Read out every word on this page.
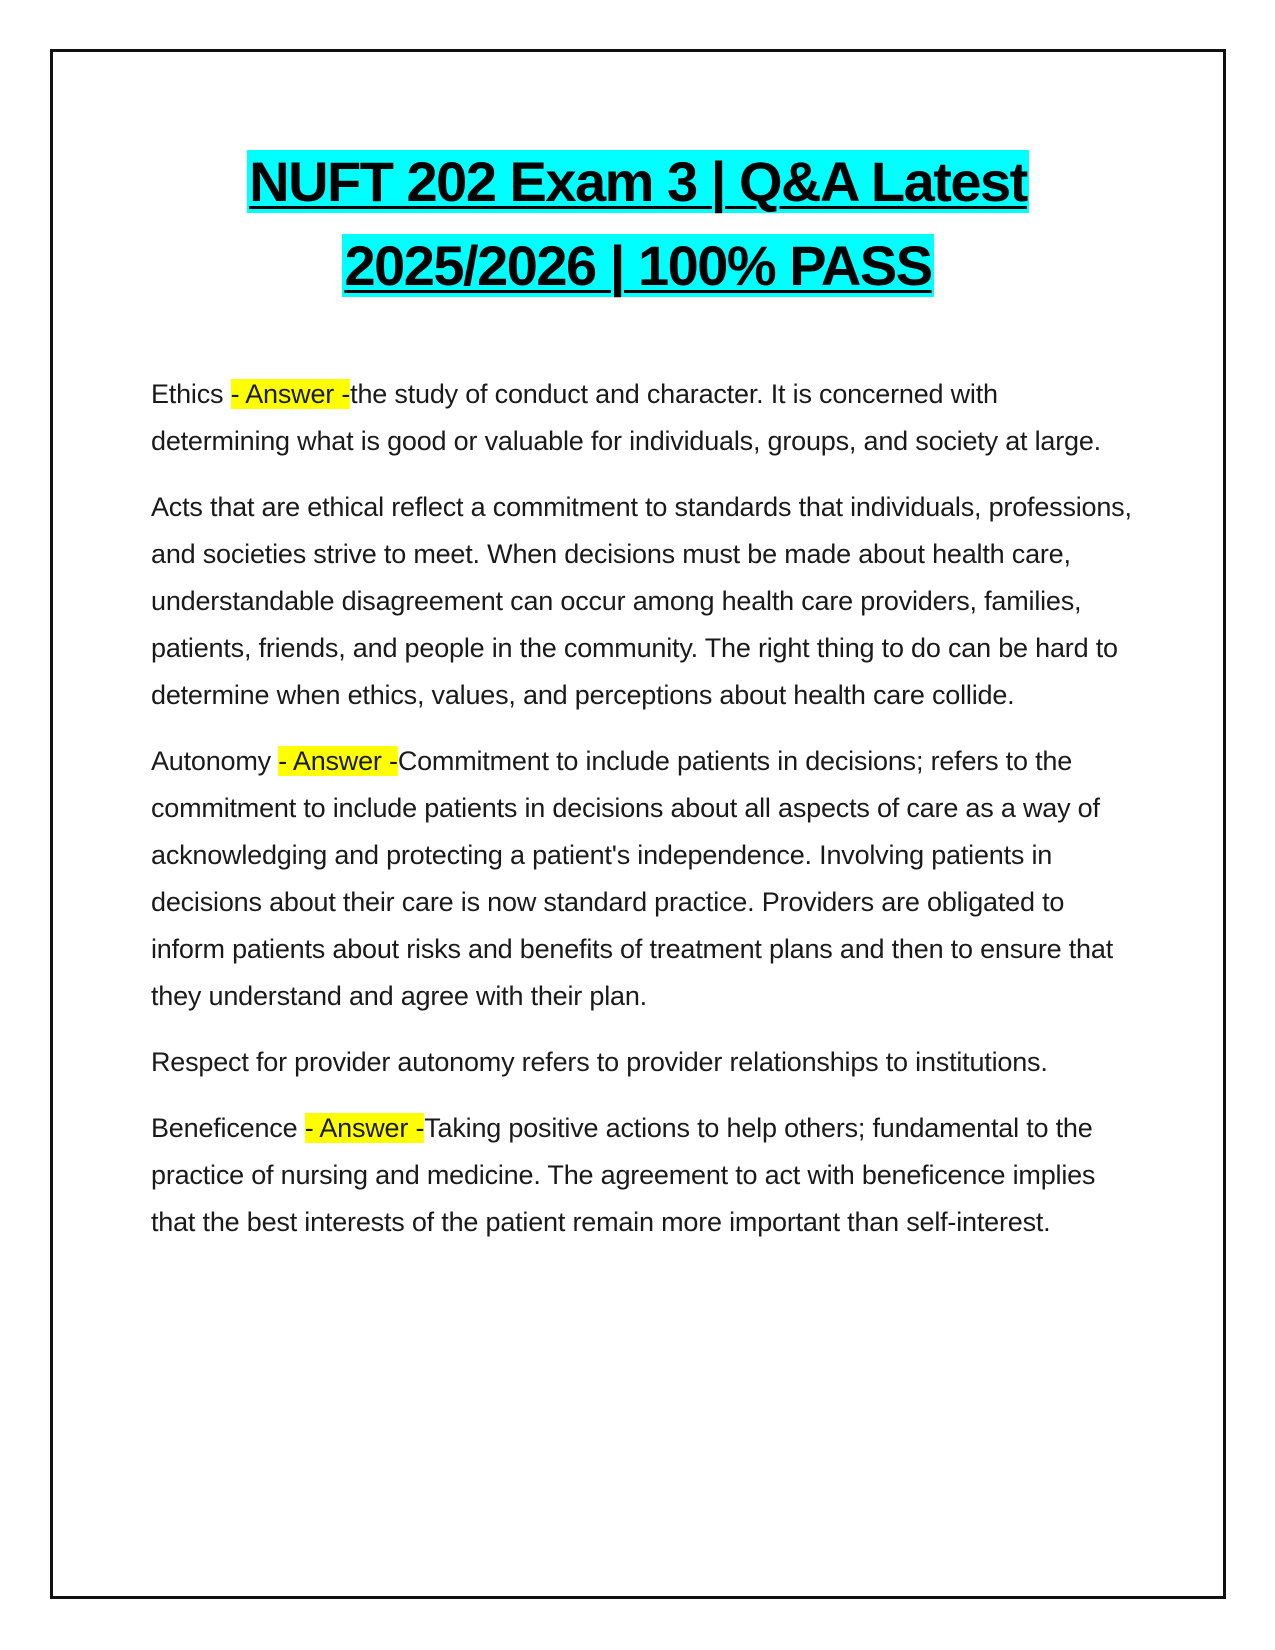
NUFT 202 Exam 3 | Q&A Latest
2025/2026 | 100% PASS

Ethics - Answer -the study of conduct and character. It is concerned with determining what is good or valuable for individuals, groups, and society at large.

Acts that are ethical reflect a commitment to standards that individuals, professions, and societies strive to meet. When decisions must be made about health care, understandable disagreement can occur among health care providers, families, patients, friends, and people in the community. The right thing to do can be hard to determine when ethics, values, and perceptions about health care collide.

Autonomy - Answer -Commitment to include patients in decisions; refers to the commitment to include patients in decisions about all aspects of care as a way of acknowledging and protecting a patient's independence. Involving patients in decisions about their care is now standard practice. Providers are obligated to inform patients about risks and benefits of treatment plans and then to ensure that they understand and agree with their plan.

Respect for provider autonomy refers to provider relationships to institutions.

Beneficence - Answer -Taking positive actions to help others; fundamental to the practice of nursing and medicine. The agreement to act with beneficence implies that the best interests of the patient remain more important than self-interest.
